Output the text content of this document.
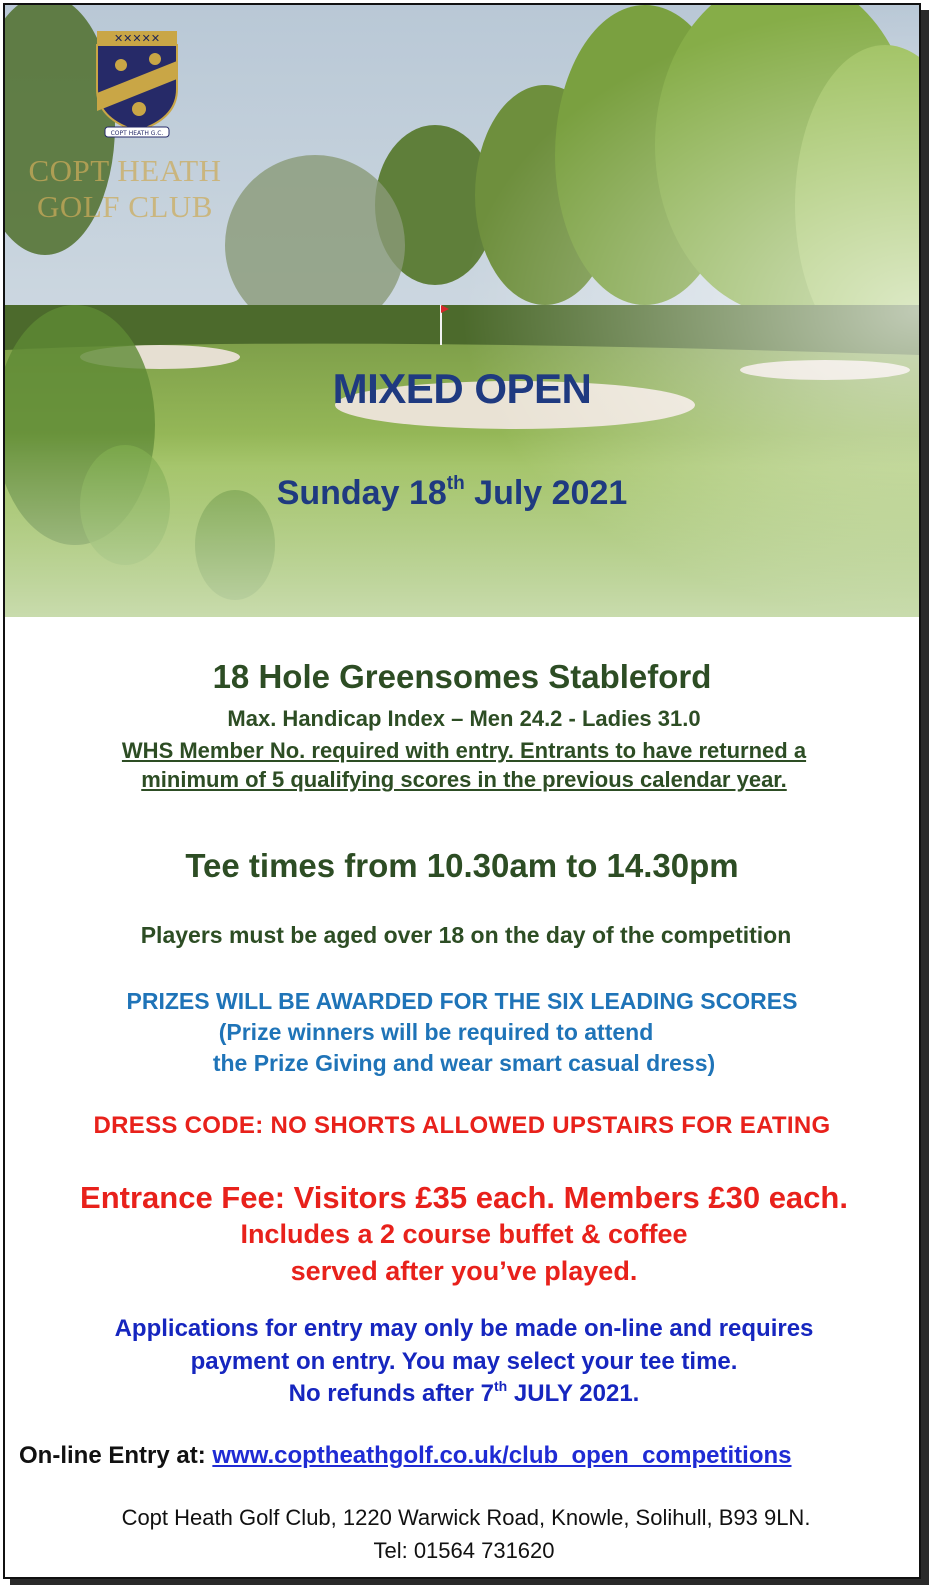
✕✕✕✕✕
COPT HEATH G.C.
COPT HEATH
GOLF CLUB
MIXED OPEN
Sunday 18th July 2021
18 Hole Greensomes Stableford
Max. Handicap Index – Men 24.2 - Ladies 31.0
WHS Member No. required with entry. Entrants to have returned a
minimum of 5 qualifying scores in the previous calendar year.
Tee times from 10.30am to 14.30pm
Players must be aged over 18 on the day of the competition
PRIZES WILL BE AWARDED FOR THE SIX LEADING SCORES
(Prize winners will be required to attend
the Prize Giving and wear smart casual dress)
DRESS CODE: NO SHORTS ALLOWED UPSTAIRS FOR EATING
Entrance Fee: Visitors £35 each. Members £30 each.
Includes a 2 course buffet & coffee
served after you’ve played.
Applications for entry may only be made on-line and requires
payment on entry. You may select your tee time.
No refunds after 7th JULY 2021.
On-line Entry at: www.coptheathgolf.co.uk/club_open_competitions
Copt Heath Golf Club, 1220 Warwick Road, Knowle, Solihull, B93 9LN.
Tel: 01564 731620
